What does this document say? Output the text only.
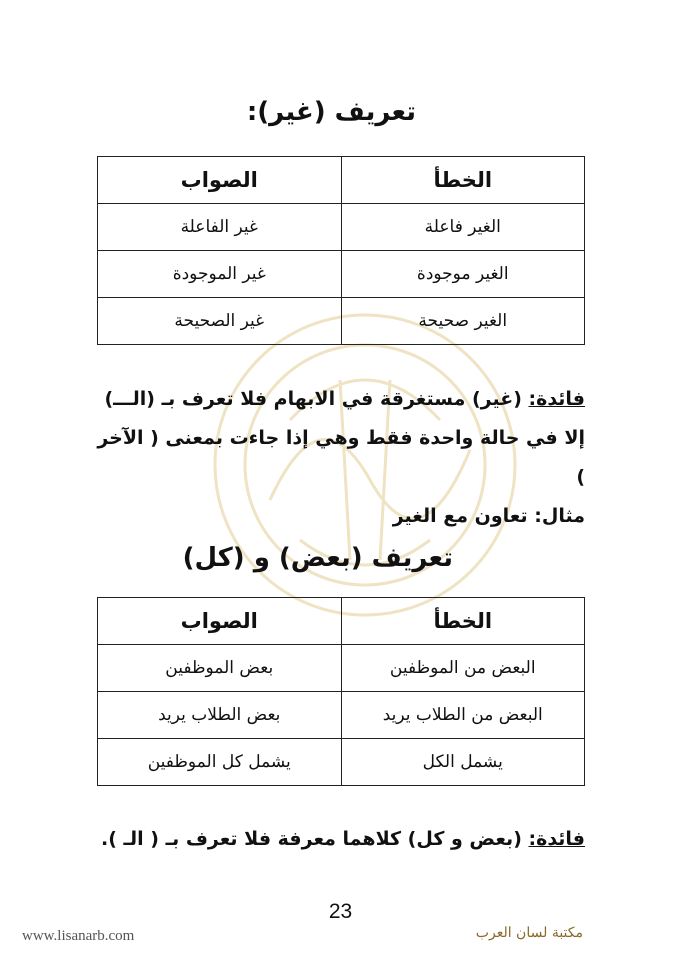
تعريف (غير):
الخطأ	الصواب
الغير فاعلة	غير الفاعلة
الغير موجودة	غير الموجودة
الغير صحيحة	غير الصحيحة
فائدة: (غير) مستغرقة في الابهام فلا تعرف بـ (الـــ) إلا في حالة واحدة فقط وهي إذا جاءت بمعنى ( الآخر )
مثال: تعاون مع الغير
تعريف (بعض) و (كل)
الخطأ	الصواب
البعض من الموظفين	بعض الموظفين
البعض من الطلاب يريد	بعض الطلاب يريد
يشمل الكل	يشمل كل الموظفين
فائدة: (بعض و كل) كلاهما معرفة فلا تعرف بـ ( الـ ).
23
www.lisanarb.com	مكتبة لسان العرب
